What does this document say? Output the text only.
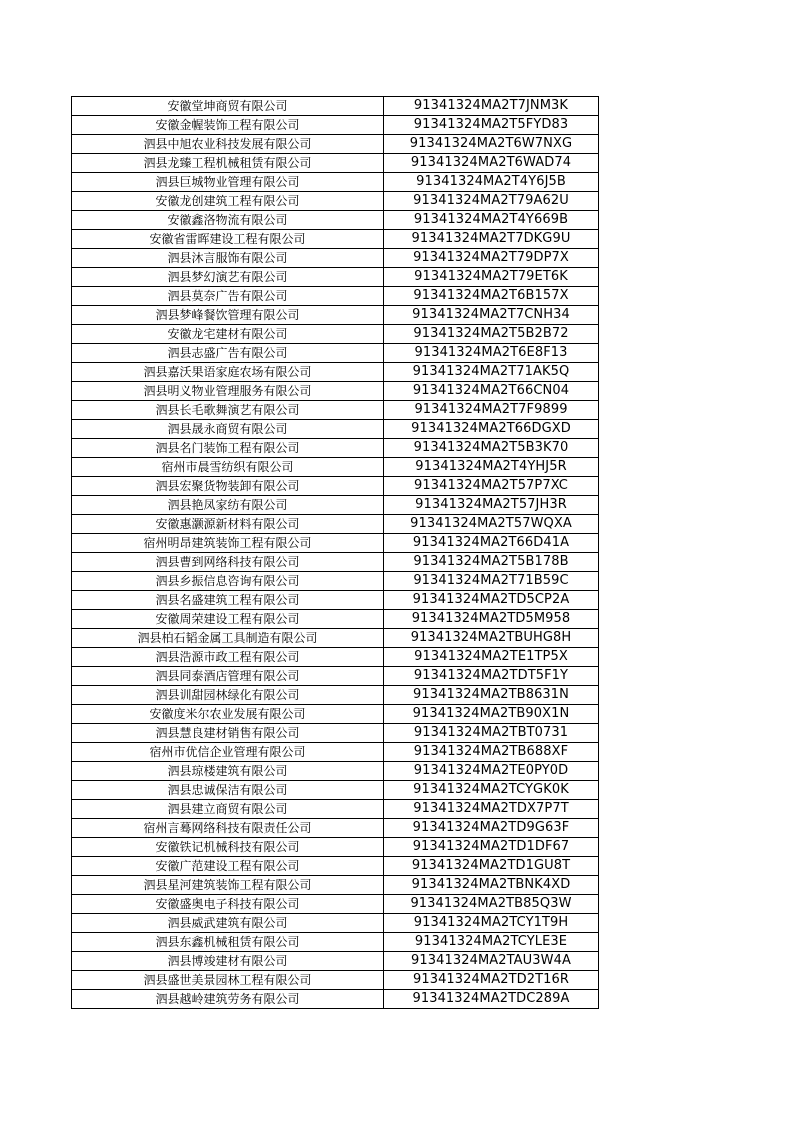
安徽堂坤商贸有限公司	91341324MA2T7JNM3K
安徽金幄装饰工程有限公司	91341324MA2T5FYD83
泗县中旭农业科技发展有限公司	91341324MA2T6W7NXG
泗县龙臻工程机械租赁有限公司	91341324MA2T6WAD74
泗县巨城物业管理有限公司	91341324MA2T4Y6J5B
安徽龙创建筑工程有限公司	91341324MA2T79A62U
安徽鑫洛物流有限公司	91341324MA2T4Y669B
安徽省雷晖建设工程有限公司	91341324MA2T7DKG9U
泗县沐言服饰有限公司	91341324MA2T79DP7X
泗县梦幻演艺有限公司	91341324MA2T79ET6K
泗县莫奈广告有限公司	91341324MA2T6B157X
泗县梦峰餐饮管理有限公司	91341324MA2T7CNH34
安徽龙宅建材有限公司	91341324MA2T5B2B72
泗县志盛广告有限公司	91341324MA2T6E8F13
泗县嘉沃果语家庭农场有限公司	91341324MA2T71AK5Q
泗县明义物业管理服务有限公司	91341324MA2T66CN04
泗县长毛歌舞演艺有限公司	91341324MA2T7F9899
泗县晟永商贸有限公司	91341324MA2T66DGXD
泗县名门装饰工程有限公司	91341324MA2T5B3K70
宿州市晨雪纺织有限公司	91341324MA2T4YHJ5R
泗县宏聚货物装卸有限公司	91341324MA2T57P7XC
泗县艳凤家纺有限公司	91341324MA2T57JH3R
安徽惠灏源新材料有限公司	91341324MA2T57WQXA
宿州明昂建筑装饰工程有限公司	91341324MA2T66D41A
泗县曹到网络科技有限公司	91341324MA2T5B178B
泗县乡振信息咨询有限公司	91341324MA2T71B59C
泗县名盛建筑工程有限公司	91341324MA2TD5CP2A
安徽周荣建设工程有限公司	91341324MA2TD5M958
泗县柏石韬金属工具制造有限公司	91341324MA2TBUHG8H
泗县浩源市政工程有限公司	91341324MA2TE1TP5X
泗县同泰酒店管理有限公司	91341324MA2TDT5F1Y
泗县训甜园林绿化有限公司	91341324MA2TB8631N
安徽度米尔农业发展有限公司	91341324MA2TB90X1N
泗县慧良建材销售有限公司	91341324MA2TBT0731
宿州市优信企业管理有限公司	91341324MA2TB688XF
泗县琼楼建筑有限公司	91341324MA2TE0PY0D
泗县忠诚保洁有限公司	91341324MA2TCYGK0K
泗县建立商贸有限公司	91341324MA2TDX7P7T
宿州言蓦网络科技有限责任公司	91341324MA2TD9G63F
安徽铁记机械科技有限公司	91341324MA2TD1DF67
安徽广范建设工程有限公司	91341324MA2TD1GU8T
泗县星河建筑装饰工程有限公司	91341324MA2TBNK4XD
安徽盛奥电子科技有限公司	91341324MA2TB85Q3W
泗县威武建筑有限公司	91341324MA2TCY1T9H
泗县东鑫机械租赁有限公司	91341324MA2TCYLE3E
泗县博竣建材有限公司	91341324MA2TAU3W4A
泗县盛世美景园林工程有限公司	91341324MA2TD2T16R
泗县越岭建筑劳务有限公司	91341324MA2TDC289A
